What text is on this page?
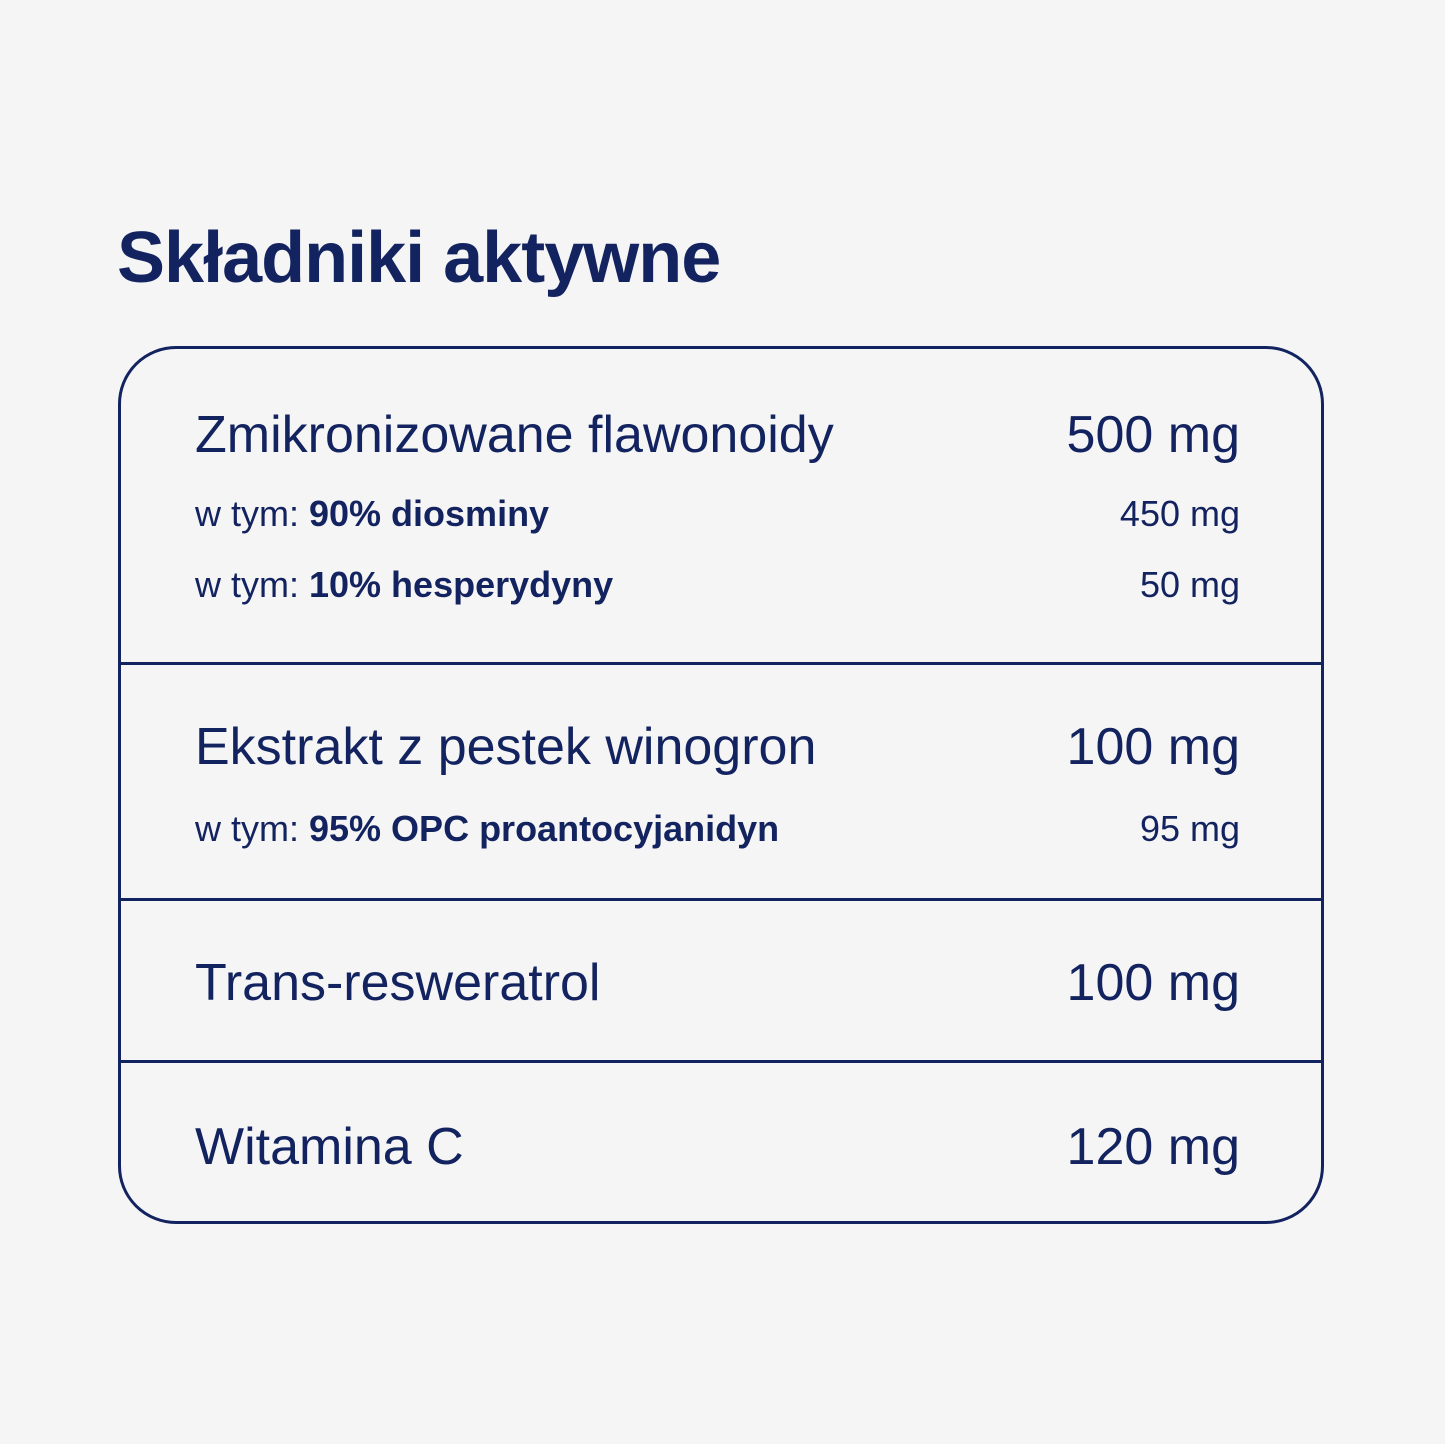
Składniki aktywne
Zmikronizowane flawonoidy	500 mg
w tym: 90% diosminy	450 mg
w tym: 10% hesperydyny	50 mg
Ekstrakt z pestek winogron	100 mg
w tym: 95% OPC proantocyjanidyn	95 mg
Trans-resweratrol	100 mg
Witamina C	120 mg
